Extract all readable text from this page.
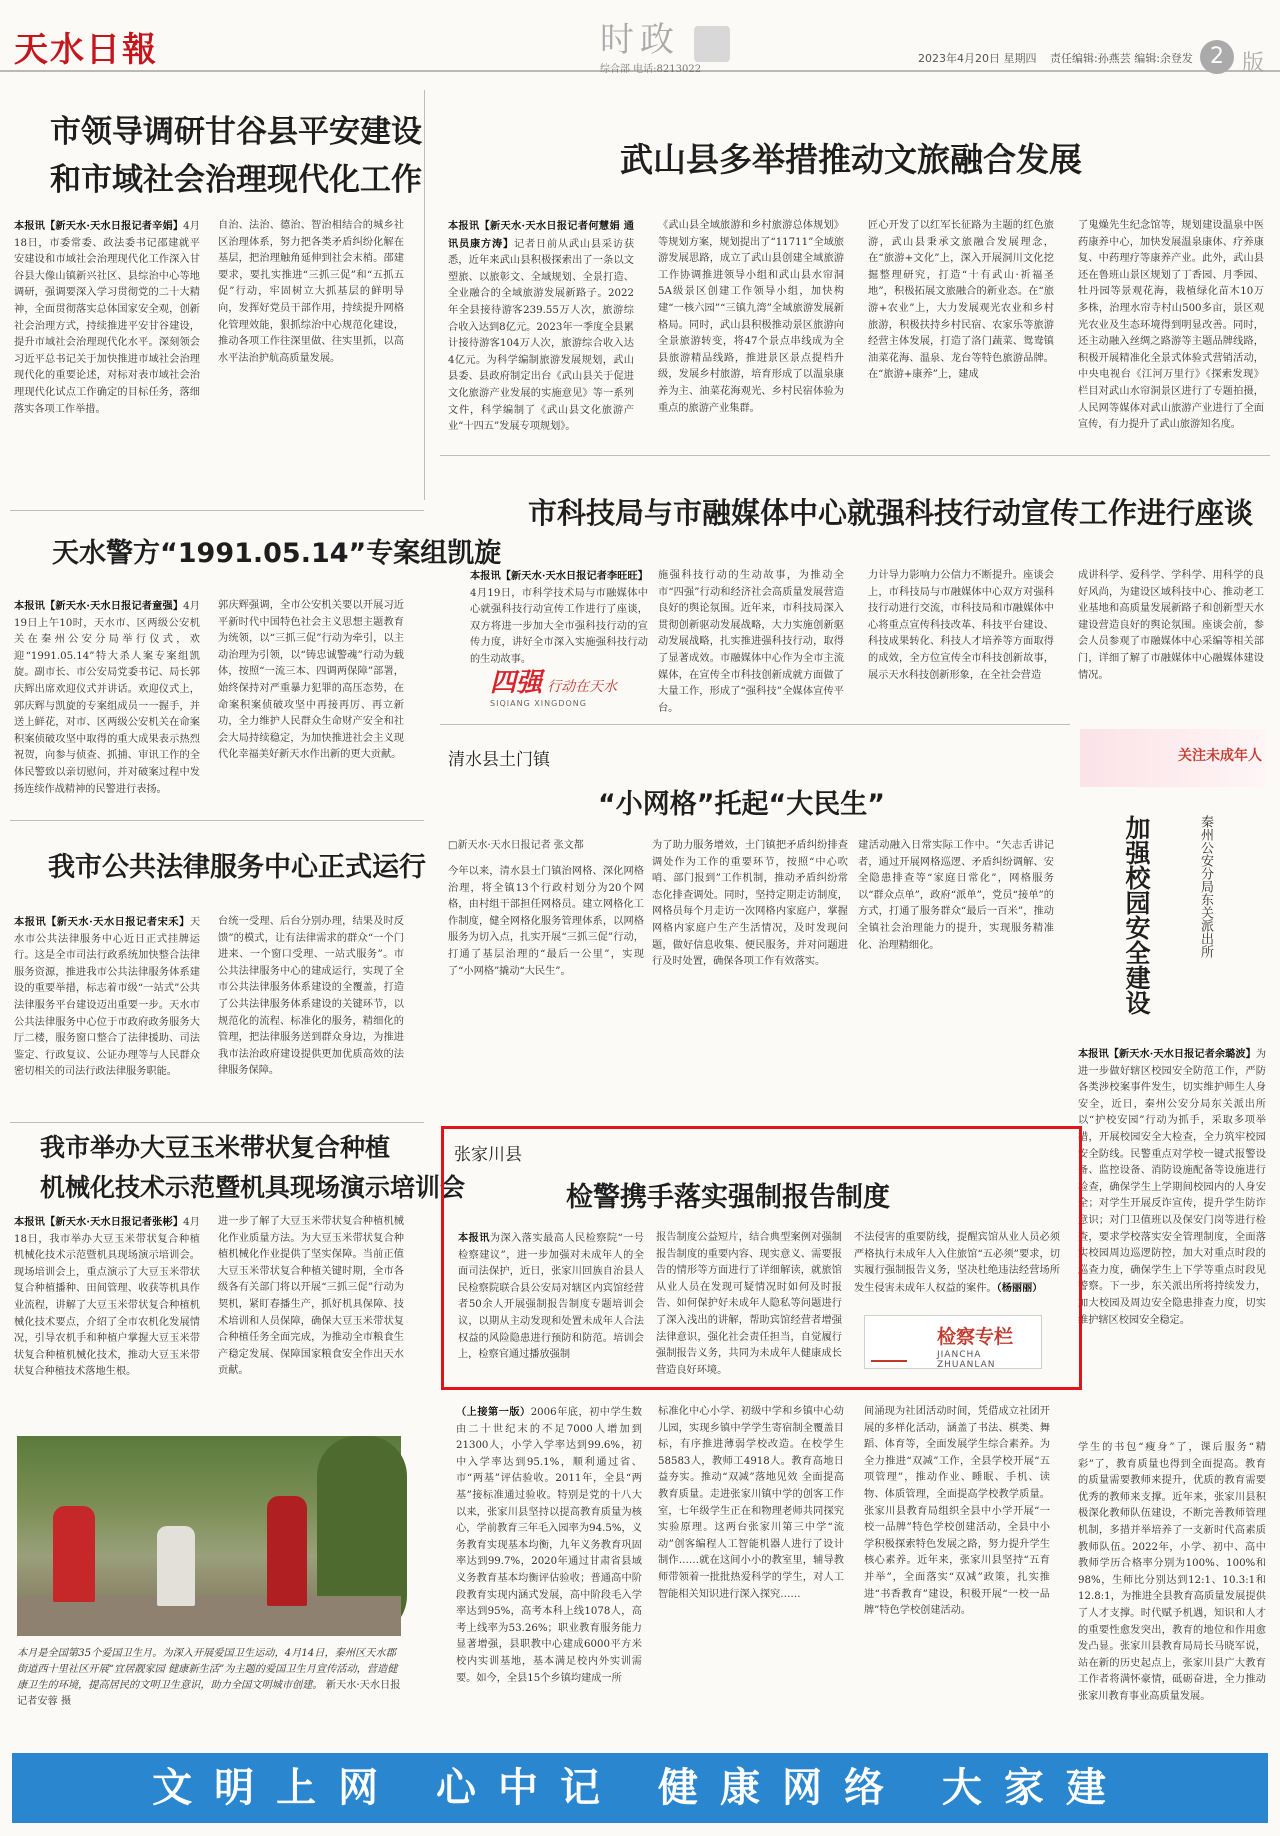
天水日報	时政
综合部 电话:8213022
2023年4月20日 星期四 责任编辑:孙燕芸 编辑:余登发 2 版
市领导调研甘谷县平安建设
和市域社会治理现代化工作
本报讯【新天水·天水日报记者辛娟】4月18日，市委常委、政法委书记邵建就平安建设和市域社会治理现代化工作深入甘谷县大像山镇新兴社区、县综治中心等地调研，强调要深入学习贯彻党的二十大精神，全面贯彻落实总体国家安全观，创新社会治理方式，持续推进平安甘谷建设，提升市域社会治理现代化水平。深刻领会习近平总书记关于加快推进市域社会治理现代化的重要论述，对标对表市域社会治理现代化试点工作确定的目标任务，落细落实各项工作举措。
自治、法治、德治、智治相结合的城乡社区治理体系，努力把各类矛盾纠纷化解在基层，把治理触角延伸到社会末梢。邵建要求，要扎实推进“三抓三促”和“五抓五促”行动，牢固树立大抓基层的鲜明导向，发挥好党员干部作用，持续提升网格化管理效能，狠抓综治中心规范化建设，推动各项工作往深里做、往实里抓，以高水平法治护航高质量发展。
武山县多举措推动文旅融合发展
本报讯【新天水·天水日报记者何慧娟 通讯员康方涛】记者日前从武山县采访获悉，近年来武山县积极探索出了一条以文塑旅、以旅彰文、全域规划、全景打造、全业融合的全域旅游发展新路子。2022年全县接待游客239.55万人次，旅游综合收入达到8亿元。2023年一季度全县累计接待游客104万人次，旅游综合收入达4亿元。为科学编制旅游发展规划，武山县委、县政府制定出台《武山县关于促进文化旅游产业发展的实施意见》等一系列文件，科学编制了《武山县文化旅游产业“十四五”发展专项规划》。
《武山县全域旅游和乡村旅游总体规划》等规划方案，规划提出了“11711”全域旅游发展思路，成立了武山县创建全域旅游工作协调推进领导小组和武山县水帘洞5A级景区创建工作领导小组，加快构建“一核六园”“三镇九湾”全域旅游发展新格局。同时，武山县积极推动景区旅游向全景旅游转变，将47个景点串线成为全县旅游精品线路，推进景区景点提档升级，发展乡村旅游，培育形成了以温泉康养为主、油菜花海观光、乡村民宿体验为重点的旅游产业集群。
匠心开发了以红军长征路为主题的红色旅游，武山县秉承文旅融合发展理念，在“旅游+文化”上，深入开展洞川文化挖掘整理研究，打造“十有武山·祈福圣地”，积极拓展文旅融合的新业态。在“旅游+农业”上，大力发展观光农业和乡村旅游，积极扶持乡村民宿、农家乐等旅游经营主体发展，打造了洛门蔬菜、鸳鸯镇油菜花海、温泉、龙台等特色旅游品牌。在“旅游+康养”上，建成
了鬼燥先生纪念馆等，规划建设温泉中医药康养中心，加快发展温泉康体、疗养康复、中药理疗等康养产业。此外，武山县还在鲁班山景区规划了丁香园、月季园、牡丹园等景观花海，栽植绿化苗木10万多株，治理水帘寺村山500多亩，景区观光农业及生态环境得到明显改善。同时，还主动融入丝绸之路游等主题品牌线路，积极开展精准化全景式体验式营销活动，中央电视台《江河万里行》《探索发现》栏目对武山水帘洞景区进行了专题拍摄，人民网等媒体对武山旅游产业进行了全面宣传，有力提升了武山旅游知名度。
天水警方“1991.05.14”专案组凯旋
本报讯【新天水·天水日报记者童强】4月19日上午10时，天水市、区两级公安机关在秦州公安分局举行仪式，欢迎“1991.05.14”特大杀人案专案组凯旋。副市长、市公安局党委书记、局长郭庆辉出席欢迎仪式并讲话。欢迎仪式上，郭庆辉与凯旋的专案组成员一一握手，并送上鲜花，对市、区两级公安机关在命案积案侦破攻坚中取得的重大成果表示热烈祝贺，向参与侦查、抓捕、审讯工作的全体民警致以亲切慰问，并对破案过程中发扬连续作战精神的民警进行表扬。
郭庆辉强调，全市公安机关要以开展习近平新时代中国特色社会主义思想主题教育为统领，以“三抓三促”行动为牵引，以主动治理为引领，以“铸忠诚警魂”行动为载体，按照“一流三本、四调两保障”部署，始终保持对严重暴力犯罪的高压态势，在命案积案侦破攻坚中再接再厉、再立新功，全力维护人民群众生命财产安全和社会大局持续稳定，为加快推进社会主义现代化幸福美好新天水作出新的更大贡献。
市科技局与市融媒体中心就强科技行动宣传工作进行座谈
本报讯【新天水·天水日报记者李旺旺】4月19日，市科学技术局与市融媒体中心就强科技行动宣传工作进行了座谈，双方将进一步加大全市强科技行动的宣传力度，讲好全市深入实施强科技行动的生动故事。
四强 行动在天水
SIQIANG XINGDONG
施强科技行动的生动故事，为推动全市“四强”行动和经济社会高质量发展营造良好的舆论氛围。近年来，市科技局深入贯彻创新驱动发展战略，大力实施创新驱动发展战略，扎实推进强科技行动，取得了显著成效。市融媒体中心作为全市主流媒体，在宣传全市科技创新成就方面做了大量工作，形成了“强科技”全媒体宣传平台。
力计导力影响力公信力不断提升。座谈会上，市科技局与市融媒体中心双方对强科技行动进行交流，市科技局和市融媒体中心将重点宣传科技改革、科技平台建设、科技成果转化、科技人才培养等方面取得的成效，全方位宣传全市科技创新故事，展示天水科技创新形象，在全社会营造
成讲科学、爱科学、学科学、用科学的良好风尚，为建设区域科技中心、推动老工业基地和高质量发展新路子和创新型天水建设营造良好的舆论氛围。座谈会前，参会人员参观了市融媒体中心采编等相关部门，详细了解了市融媒体中心融媒体建设情况。
清水县土门镇
“小网格”托起“大民生”
□新天水·天水日报记者 张文都
今年以来，清水县土门镇治网格、深化网格治理，将全镇13个行政村划分为20个网格，由村组干部担任网格员。建立网格化工作制度，健全网格化服务管理体系，以网格服务为切入点，扎实开展“三抓三促”行动，打通了基层治理的“最后一公里”，实现了“小网格”撬动“大民生”。
为了助力服务增效，土门镇把矛盾纠纷排查调处作为工作的重要环节，按照“中心吹哨、部门报到”工作机制，推动矛盾纠纷常态化排查调处。同时，坚持定期走访制度，网格员每个月走访一次网格内家庭户，掌握网格内家庭户生产生活情况，及时发现问题，做好信息收集、便民服务，并对问题进行及时处置，确保各项工作有效落实。
建活动融入日常实际工作中。“矢志舌讲记者，通过开展网格巡逻、矛盾纠纷调解、安全隐患排查等“家庭日常化”，网格服务以“群众点单”，政府“派单”，党员“接单”的方式，打通了服务群众“最后一百米”，推动全镇社会治理能力的提升，实现服务精准化、治理精细化。
关注未成年人
加强校园安全建设	秦州公安分局东关派出所
本报讯【新天水·天水日报记者余璐波】为进一步做好辖区校园安全防范工作，严防各类涉校案事件发生，切实维护师生人身安全，近日，秦州公安分局东关派出所以“护校安园”行动为抓手，采取多项举措，开展校园安全大检查，全力筑牢校园安全防线。民警重点对学校一键式报警设备、监控设备、消防设施配备等设施进行检查，确保学生上学期间校园内的人身安全；对学生开展反诈宣传，提升学生防诈意识；对门卫值班以及保安门岗等进行检查，要求学校落实安全管理制度，全面落实校园周边巡逻防控，加大对重点时段的巡查力度，确保学生上下学等重点时段见警察。下一步，东关派出所将持续发力，加大校园及周边安全隐患排查力度，切实维护辖区校园安全稳定。
我市公共法律服务中心正式运行
本报讯【新天水·天水日报记者宋禾】天水市公共法律服务中心近日正式挂牌运行。这是全市司法行政系统加快整合法律服务资源，推进我市公共法律服务体系建设的重要举措，标志着市级“一站式”公共法律服务平台建设迈出重要一步。天水市公共法律服务中心位于市政府政务服务大厅二楼，服务窗口整合了法律援助、司法鉴定、行政复议、公证办理等与人民群众密切相关的司法行政法律服务职能。
台统一受理、后台分别办理，结果及时反馈”的模式，让有法律需求的群众“一个门进来、一个窗口受理、一站式服务”。市公共法律服务中心的建成运行，实现了全市公共法律服务体系建设的全覆盖，打造了公共法律服务体系建设的关键环节，以规范化的流程、标准化的服务，精细化的管理，把法律服务送到群众身边，为推进我市法治政府建设提供更加优质高效的法律服务保障。
我市举办大豆玉米带状复合种植
机械化技术示范暨机具现场演示培训会
本报讯【新天水·天水日报记者张彬】4月18日，我市举办大豆玉米带状复合种植机械化技术示范暨机具现场演示培训会。现场培训会上，重点演示了大豆玉米带状复合种植播种、田间管理、收获等机具作业流程，讲解了大豆玉米带状复合种植机械化技术要点，介绍了全市农机化发展情况，引导农机手和种植户掌握大豆玉米带状复合种植机械化技术，推动大豆玉米带状复合种植技术落地生根。
进一步了解了大豆玉米带状复合种植机械化作业质量方法。为大豆玉米带状复合种植机械化作业提供了坚实保障。当前正值大豆玉米带状复合种植关键时期，全市各级各有关部门将以开展“三抓三促”行动为契机，紧盯春播生产，抓好机具保障、技术培训和人员保障，确保大豆玉米带状复合种植任务全面完成，为推动全市粮食生产稳定发展、保障国家粮食安全作出天水贡献。
张家川县
检警携手落实强制报告制度
本报讯为深入落实最高人民检察院“一号检察建议”，进一步加强对未成年人的全面司法保护，近日，张家川回族自治县人民检察院联合县公安局对辖区内宾馆经营者50余人开展强制报告制度专题培训会议，以期从主动发现和处置未成年人合法权益的风险隐患进行预防和防范。培训会上，检察官通过播放强制
报告制度公益短片，结合典型案例对强制报告制度的重要内容、现实意义、需要报告的情形等方面进行了详细解读，就旅馆从业人员在发现可疑情况时如何及时报告、如何保护好未成年人隐私等问题进行了深入浅出的讲解，帮助宾馆经营者增强法律意识，强化社会责任担当，自觉履行强制报告义务，共同为未成年人健康成长营造良好环境。
不法侵害的重要防线，提醒宾馆从业人员必须严格执行未成年人入住旅馆“五必须”要求，切实履行强制报告义务，坚决杜绝违法经营场所发生侵害未成年人权益的案件。（杨丽丽）
检察专栏
JIANCHA ZHUANLAN
（上接第一版）2006年底，初中学生数由二十世纪末的不足7000人增加到21300人，小学入学率达到99.6%，初中入学率达到95.1%，顺利通过省、市“两基”评估验收。2011年，全县“两基”接标准通过验收。特别是党的十八大以来，张家川县坚持以提高教育质量为核心，学前教育三年毛入园率为94.5%，义务教育实现基本均衡，九年义务教育巩固率达到99.7%，2020年通过甘肃省县域义务教育基本均衡评估验收；普通高中阶段教育实现内涵式发展，高中阶段毛入学率达到95%，高考本科上线1078人，高考上线率为53.26%；职业教育服务能力显著增强，县职教中心建成6000平方米校内实训基地，基本满足校内外实训需要。如今，全县15个乡镇均建成一所
标准化中心小学、初级中学和乡镇中心幼儿园，实现乡镇中学学生寄宿制全覆盖目标，有序推进薄弱学校改造。在校学生58583人，教师工4918人。教育高地日益夯实。推动“双减”落地见效 全面提高教育质量。走进张家川镇中学的创客工作室，七年级学生正在和物理老师共同探究实验原理。这两台张家川第三中学“流动”创客编程人工智能机器人进行了设计制作……就在这间小小的教室里，辅导教师带领着一批批热爱科学的学生，对人工智能相关知识进行深入探究……
间涌现为社团活动时间，凭借成立社团开展的多样化活动，涵盖了书法、棋类、舞蹈、体育等，全面发展学生综合素养。为全力推进“双减”工作，全县学校开展“五项管理”，推动作业、睡眠、手机、读物、体质管理，全面提高学校教学质量。张家川县教育局组织全县中小学开展“一校一品牌”特色学校创建活动，全县中小学积极探索特色发展之路，努力提升学生核心素养。近年来，张家川县坚持“五育并举”，全面落实“双减”政策，扎实推进“书香教育”建设，积极开展“一校一品牌”特色学校创建活动。
学生的书包“瘦身”了，课后服务“精彩”了，教育质量也得到全面提高。教育的质量需要教师来提升，优质的教育需要优秀的教师来支撑。近年来，张家川县积极深化教师队伍建设，不断完善教师管理机制，多措并举培养了一支新时代高素质教师队伍。2022年，小学、初中、高中教师学历合格率分别为100%、100%和98%，生师比分别达到12:1、10.3:1和12.8:1，为推进全县教育高质量发展提供了人才支撑。时代赋予机遇，知识和人才的重要性愈发突出，教育的地位和作用愈发凸显。张家川县教育局局长马晓军说，站在新的历史起点上，张家川县广大教育工作者将满怀豪情，砥砺奋进，全力推动张家川教育事业高质量发展。
本月是全国第35个爱国卫生月。为深入开展爱国卫生运动，4月14日，秦州区天水郡街道西十里社区开展“宜居靓家园 健康新生活”为主题的爱国卫生月宣传活动，营造健康卫生的环境，提高居民的文明卫生意识，助力全国文明城市创建。 新天水·天水日报记者安蓉 摄
文明上网 心中记 健康网络 大家建
